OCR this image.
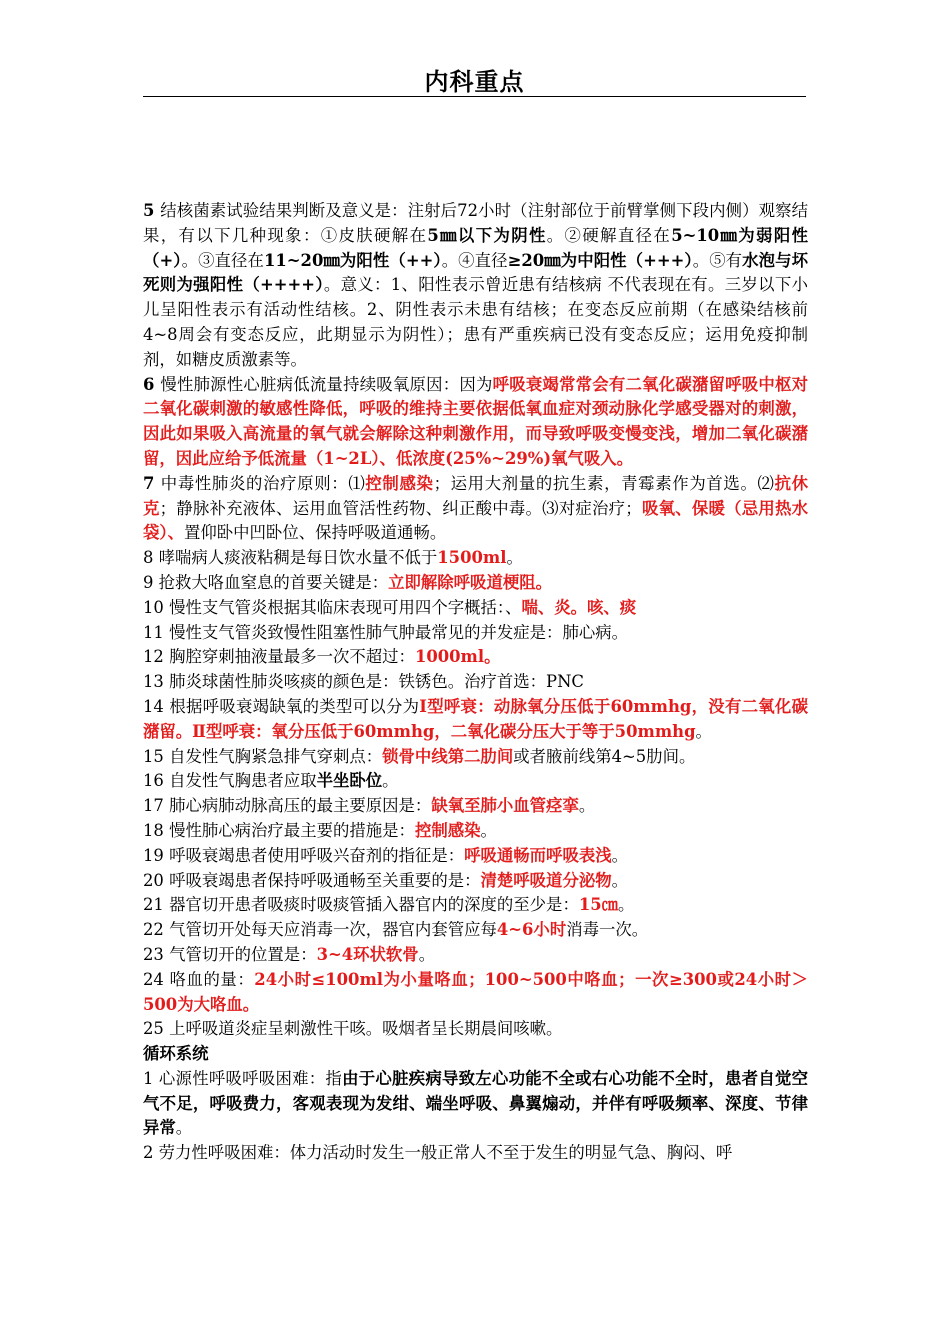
内科重点

5 结核菌素试验结果判断及意义是：注射后72小时（注射部位于前臂掌侧下段内侧）观察结果，有以下几种现象：①皮肤硬解在5㎜以下为阴性。②硬解直径在5~10㎜为弱阳性（+）。③直径在11~20㎜为阳性（++）。④直径≥20㎜为中阳性（+++）。⑤有水泡与坏死则为强阳性（++++）。意义：1、阳性表示曾近患有结核病 不代表现在有。三岁以下小儿呈阳性表示有活动性结核。2、阴性表示未患有结核；在变态反应前期（在感染结核前4~8周会有变态反应，此期显示为阴性）；患有严重疾病已没有变态反应；运用免疫抑制剂，如糖皮质激素等。

6 慢性肺源性心脏病低流量持续吸氧原因：因为呼吸衰竭常常会有二氧化碳潴留呼吸中枢对二氧化碳刺激的敏感性降低，呼吸的维持主要依据低氧血症对颈动脉化学感受器对的刺激，因此如果吸入高流量的氧气就会解除这种刺激作用，而导致呼吸变慢变浅，增加二氧化碳潴留，因此应给予低流量（1~2L）、低浓度(25%~29%)氧气吸入。

7 中毒性肺炎的治疗原则：⑴控制感染；运用大剂量的抗生素，青霉素作为首选。⑵抗休克；静脉补充液体、运用血管活性药物、纠正酸中毒。⑶对症治疗；吸氧、保暖（忌用热水袋）、置仰卧中凹卧位、保持呼吸道通畅。

8 哮喘病人痰液粘稠是每日饮水量不低于1500ml。

9 抢救大咯血窒息的首要关键是：立即解除呼吸道梗阻。

10 慢性支气管炎根据其临床表现可用四个字概括：、喘、炎。咳、痰

11 慢性支气管炎致慢性阻塞性肺气肿最常见的并发症是：肺心病。

12 胸腔穿刺抽液量最多一次不超过：1000ml。

13 肺炎球菌性肺炎咳痰的颜色是：铁锈色。治疗首选：PNC

14 根据呼吸衰竭缺氧的类型可以分为Ⅰ型呼衰：动脉氧分压低于60mmhg，没有二氧化碳潴留。Ⅱ型呼衰：氧分压低于60mmhg，二氧化碳分压大于等于50mmhg。

15 自发性气胸紧急排气穿刺点：锁骨中线第二肋间或者腋前线第4~5肋间。

16 自发性气胸患者应取半坐卧位。

17 肺心病肺动脉高压的最主要原因是：缺氧至肺小血管痉挛。

18 慢性肺心病治疗最主要的措施是：控制感染。

19 呼吸衰竭患者使用呼吸兴奋剂的指征是：呼吸通畅而呼吸表浅。

20 呼吸衰竭患者保持呼吸通畅至关重要的是：清楚呼吸道分泌物。

21 器官切开患者吸痰时吸痰管插入器官内的深度的至少是：15㎝。

22 气管切开处每天应消毒一次，器官内套管应每4~6小时消毒一次。

23 气管切开的位置是：3~4环状软骨。

24 咯血的量：24小时≤100ml为小量咯血；100~500中咯血；一次≥300或24小时＞500为大咯血。

25 上呼吸道炎症呈刺激性干咳。吸烟者呈长期晨间咳嗽。

循环系统

1 心源性呼吸呼吸困难：指由于心脏疾病导致左心功能不全或右心功能不全时，患者自觉空气不足，呼吸费力，客观表现为发绀、端坐呼吸、鼻翼煽动，并伴有呼吸频率、深度、节律异常。

2 劳力性呼吸困难：体力活动时发生一般正常人不至于发生的明显气急、胸闷、呼
